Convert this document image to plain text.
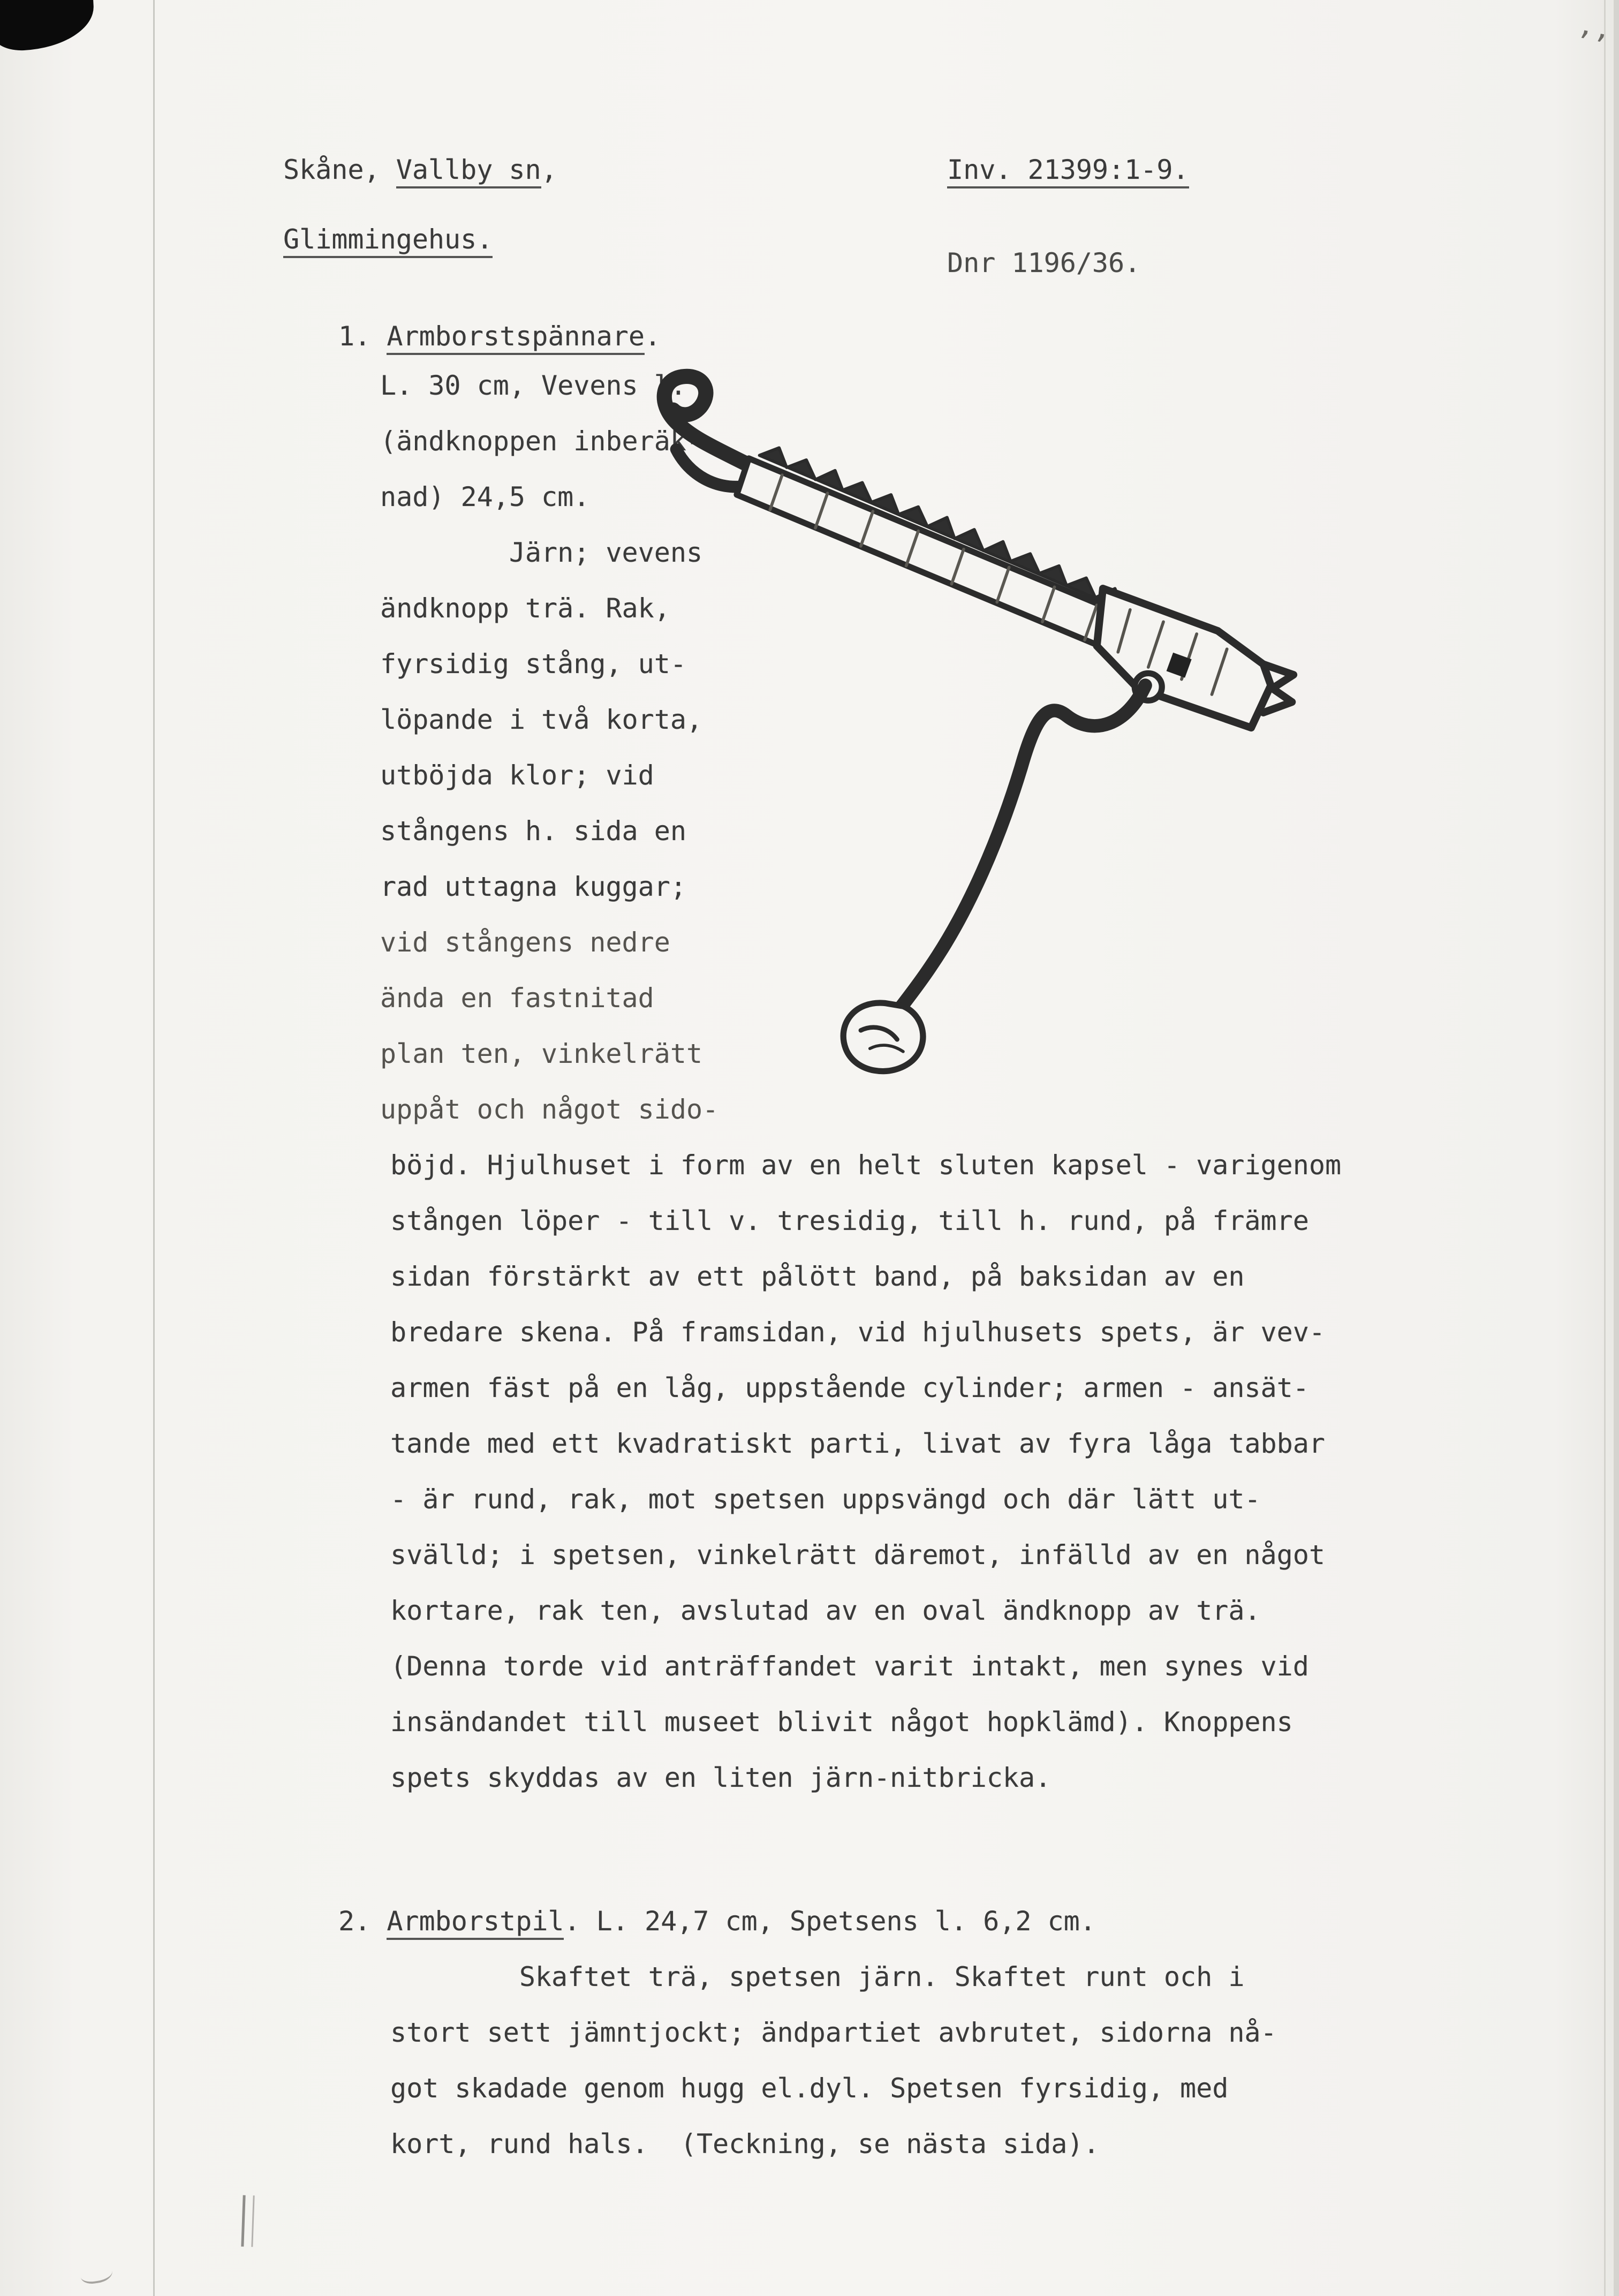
’’
Skåne, Vallby sn,
Glimmingehus.
Inv. 21399:1-9.
Dnr 1196/36.
1. Armborstspännare.
L. 30 cm, Vevens l.
(ändknoppen inberäk-
nad) 24,5 cm.
Järn; vevens
ändknopp trä. Rak,
fyrsidig stång, ut-
löpande i två korta,
utböjda klor; vid
stångens h. sida en
rad uttagna kuggar;
vid stångens nedre
ända en fastnitad
plan ten, vinkelrätt
uppåt och något sido-
böjd. Hjulhuset i form av en helt sluten kapsel - varigenom
stången löper - till v. tresidig, till h. rund, på främre
sidan förstärkt av ett pålött band, på baksidan av en
bredare skena. På framsidan, vid hjulhusets spets, är vev-
armen fäst på en låg, uppstående cylinder; armen - ansät-
tande med ett kvadratiskt parti, livat av fyra låga tabbar
- är rund, rak, mot spetsen uppsvängd och där lätt ut-
svälld; i spetsen, vinkelrätt däremot, infälld av en något
kortare, rak ten, avslutad av en oval ändknopp av trä.
(Denna torde vid anträffandet varit intakt, men synes vid
insändandet till museet blivit något hopklämd). Knoppens
spets skyddas av en liten järn-nitbricka.
2. Armborstpil. L. 24,7 cm, Spetsens l. 6,2 cm.
Skaftet trä, spetsen järn. Skaftet runt och i
stort sett jämntjockt; ändpartiet avbrutet, sidorna nå-
got skadade genom hugg el.dyl. Spetsen fyrsidig, med
kort, rund hals.  (Teckning, se nästa sida).
